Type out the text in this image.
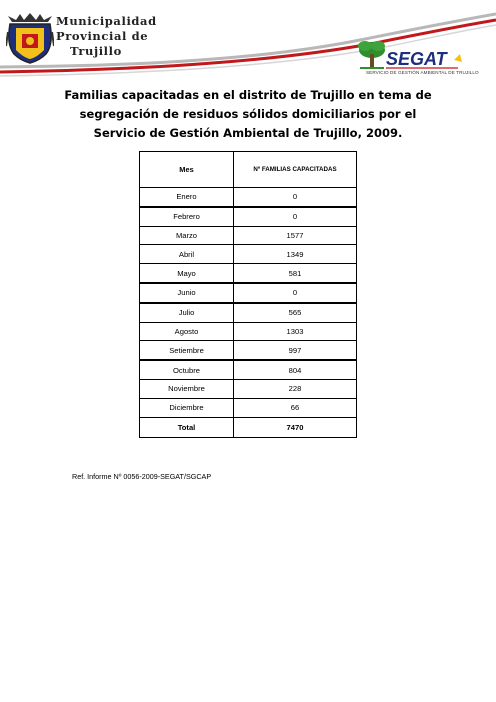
Municipalidad
Provincial de
Trujillo	SEGAT
SERVICIO DE GESTIÓN AMBIENTAL DE TRUJILLO
Familias capacitadas en el distrito de Trujillo en tema de segregación de residuos sólidos domiciliarios por el Servicio de Gestión Ambiental de Trujillo, 2009.
Mes	Nº FAMILIAS CAPACITADAS
Enero	0
Febrero	0
Marzo	1577
Abril	1349
Mayo	581
Junio	0
Julio	565
Agosto	1303
Setiembre	997
Octubre	804
Noviembre	228
Diciembre	66
Total	7470
Ref. Informe Nº 0056-2009-SEGAT/SGCAP
